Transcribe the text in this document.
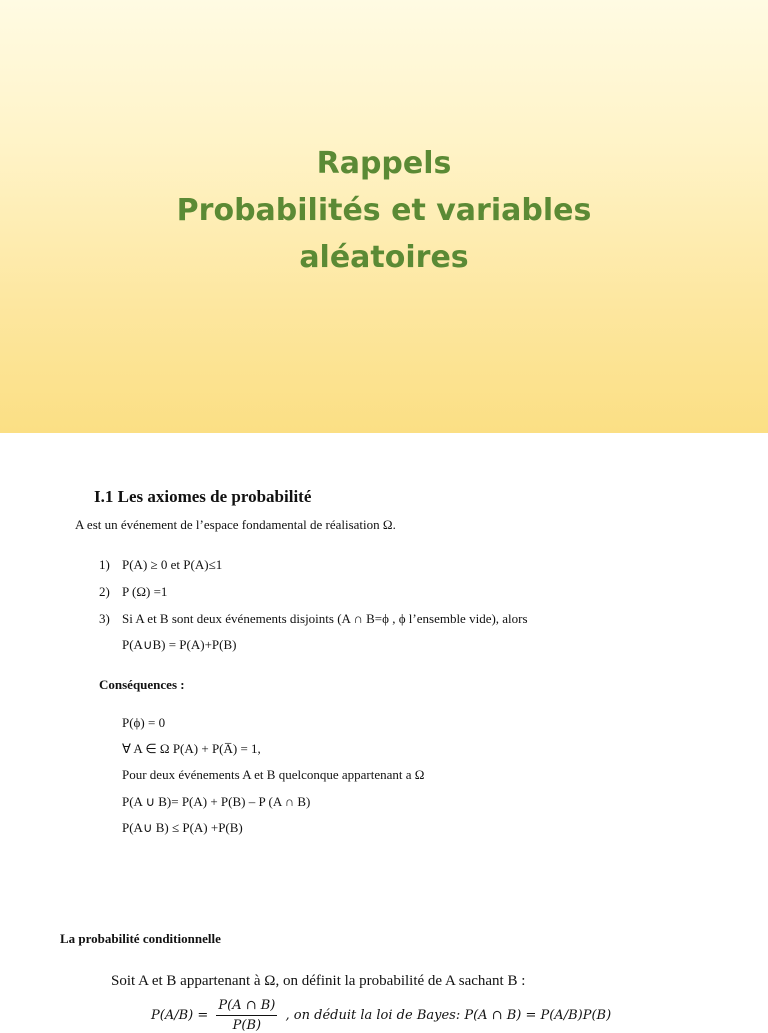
Rappels
Probabilités et variables
aléatoires
I.1 Les axiomes de probabilité
A est un événement de l’espace fondamental de réalisation Ω.
1) P(A) ≥ 0 et P(A)≤1
2) P (Ω) =1
3) Si A et B sont deux événements disjoints (A ∩ B=ϕ , ϕ l’ensemble vide), alors
P(A∪B) = P(A)+P(B)
Conséquences :
P(ϕ) = 0
∀ A ∈ Ω P(A) + P(A̅) = 1,
Pour deux événements A et B quelconque appartenant a Ω
P(A ∪ B)= P(A) + P(B) – P (A ∩ B)
P(A∪ B) ≤ P(A) +P(B)
La probabilité conditionnelle
Soit A et B appartenant à Ω, on définit la probabilité de A sachant B :
$P(A/B) = \frac{P(A \cap B)}{P(B)}$ , on déduit la loi de Bayes: P(A ∩ B) = P(A/B)P(B)
